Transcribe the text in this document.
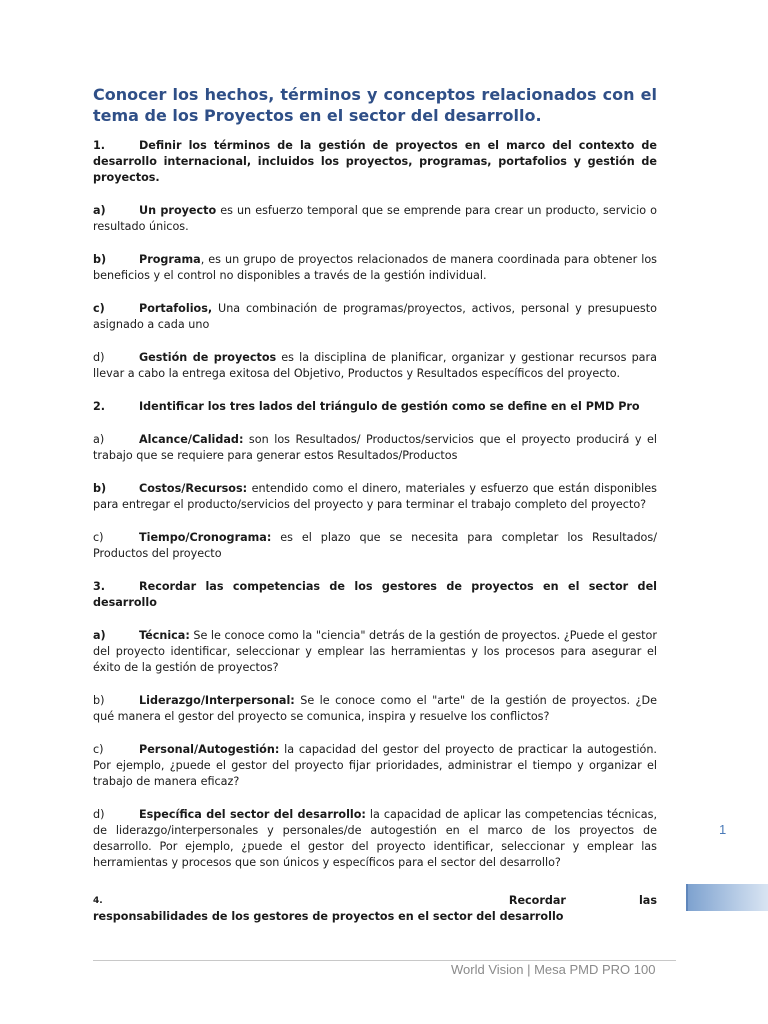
Conocer los hechos, términos y conceptos relacionados con el tema de los Proyectos en el sector del desarrollo.
1.	Definir los términos de la gestión de proyectos en el marco del contexto de desarrollo internacional, incluidos los proyectos, programas, portafolios y gestión de proyectos.
a)	Un proyecto es un esfuerzo temporal que se emprende para crear un producto, servicio o resultado únicos.
b)	Programa, es un grupo de proyectos relacionados de manera coordinada para obtener los beneficios y el control no disponibles a través de la gestión individual.
c)	Portafolios, Una combinación de programas/proyectos, activos, personal y presupuesto asignado a cada uno
d)	Gestión de proyectos es la disciplina de planificar, organizar y gestionar recursos para llevar a cabo la entrega exitosa del Objetivo, Productos y Resultados específicos del proyecto.
2.	Identificar los tres lados del triángulo de gestión como se define en el PMD Pro
a)	Alcance/Calidad: son los Resultados/ Productos/servicios que el proyecto producirá y el trabajo que se requiere para generar estos Resultados/Productos
b)	Costos/Recursos: entendido como el dinero, materiales y esfuerzo que están disponibles para entregar el producto/servicios del proyecto y para terminar el trabajo completo del proyecto?
c)	Tiempo/Cronograma: es el plazo que se necesita para completar los Resultados/ Productos del proyecto
3.	Recordar las competencias de los gestores de proyectos en el sector del desarrollo
a)	Técnica: Se le conoce como la "ciencia" detrás de la gestión de proyectos. ¿Puede el gestor del proyecto identificar, seleccionar y emplear las herramientas y los procesos para asegurar el éxito de la gestión de proyectos?
b)	Liderazgo/Interpersonal: Se le conoce como el "arte" de la gestión de proyectos. ¿De qué manera el gestor del proyecto se comunica, inspira y resuelve los conflictos?
c)	Personal/Autogestión: la capacidad del gestor del proyecto de practicar la autogestión. Por ejemplo, ¿puede el gestor del proyecto fijar prioridades, administrar el tiempo y organizar el trabajo de manera eficaz?
d)	Específica del sector del desarrollo: la capacidad de aplicar las competencias técnicas, de liderazgo/interpersonales y personales/de autogestión en el marco de los proyectos de desarrollo. Por ejemplo, ¿puede el gestor del proyecto identificar, seleccionar y emplear las herramientas y procesos que son únicos y específicos para el sector del desarrollo?
4.	Recordar	las
responsabilidades de los gestores de proyectos en el sector del desarrollo
1
World Vision | Mesa PMD PRO 100
